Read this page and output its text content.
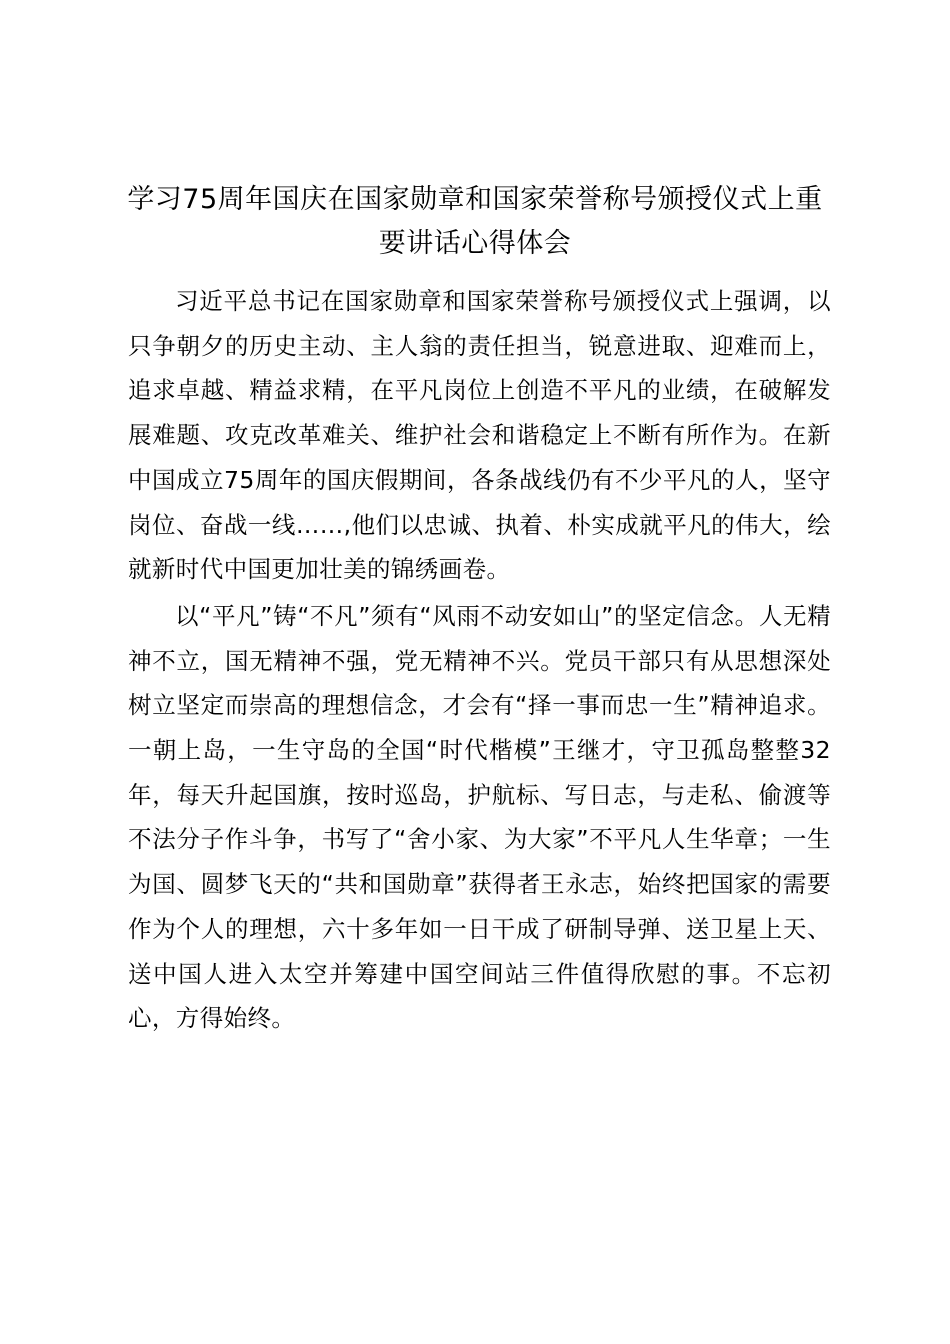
学习75周年国庆在国家勋章和国家荣誉称号颁授仪式上重要讲话心得体会

习近平总书记在国家勋章和国家荣誉称号颁授仪式上强调，以只争朝夕的历史主动、主人翁的责任担当，锐意进取、迎难而上，追求卓越、精益求精，在平凡岗位上创造不平凡的业绩，在破解发展难题、攻克改革难关、维护社会和谐稳定上不断有所作为。在新中国成立75周年的国庆假期间，各条战线仍有不少平凡的人，坚守岗位、奋战一线……,他们以忠诚、执着、朴实成就平凡的伟大，绘就新时代中国更加壮美的锦绣画卷。

以“平凡”铸“不凡”须有“风雨不动安如山”的坚定信念。人无精神不立，国无精神不强，党无精神不兴。党员干部只有从思想深处树立坚定而崇高的理想信念，才会有“择一事而忠一生”精神追求。一朝上岛，一生守岛的全国“时代楷模”王继才，守卫孤岛整整32年，每天升起国旗，按时巡岛，护航标、写日志，与走私、偷渡等不法分子作斗争，书写了“舍小家、为大家”不平凡人生华章；一生为国、圆梦飞天的“共和国勋章”获得者王永志，始终把国家的需要作为个人的理想，六十多年如一日干成了研制导弹、送卫星上天、送中国人进入太空并筹建中国空间站三件值得欣慰的事。不忘初心，方得始终。
